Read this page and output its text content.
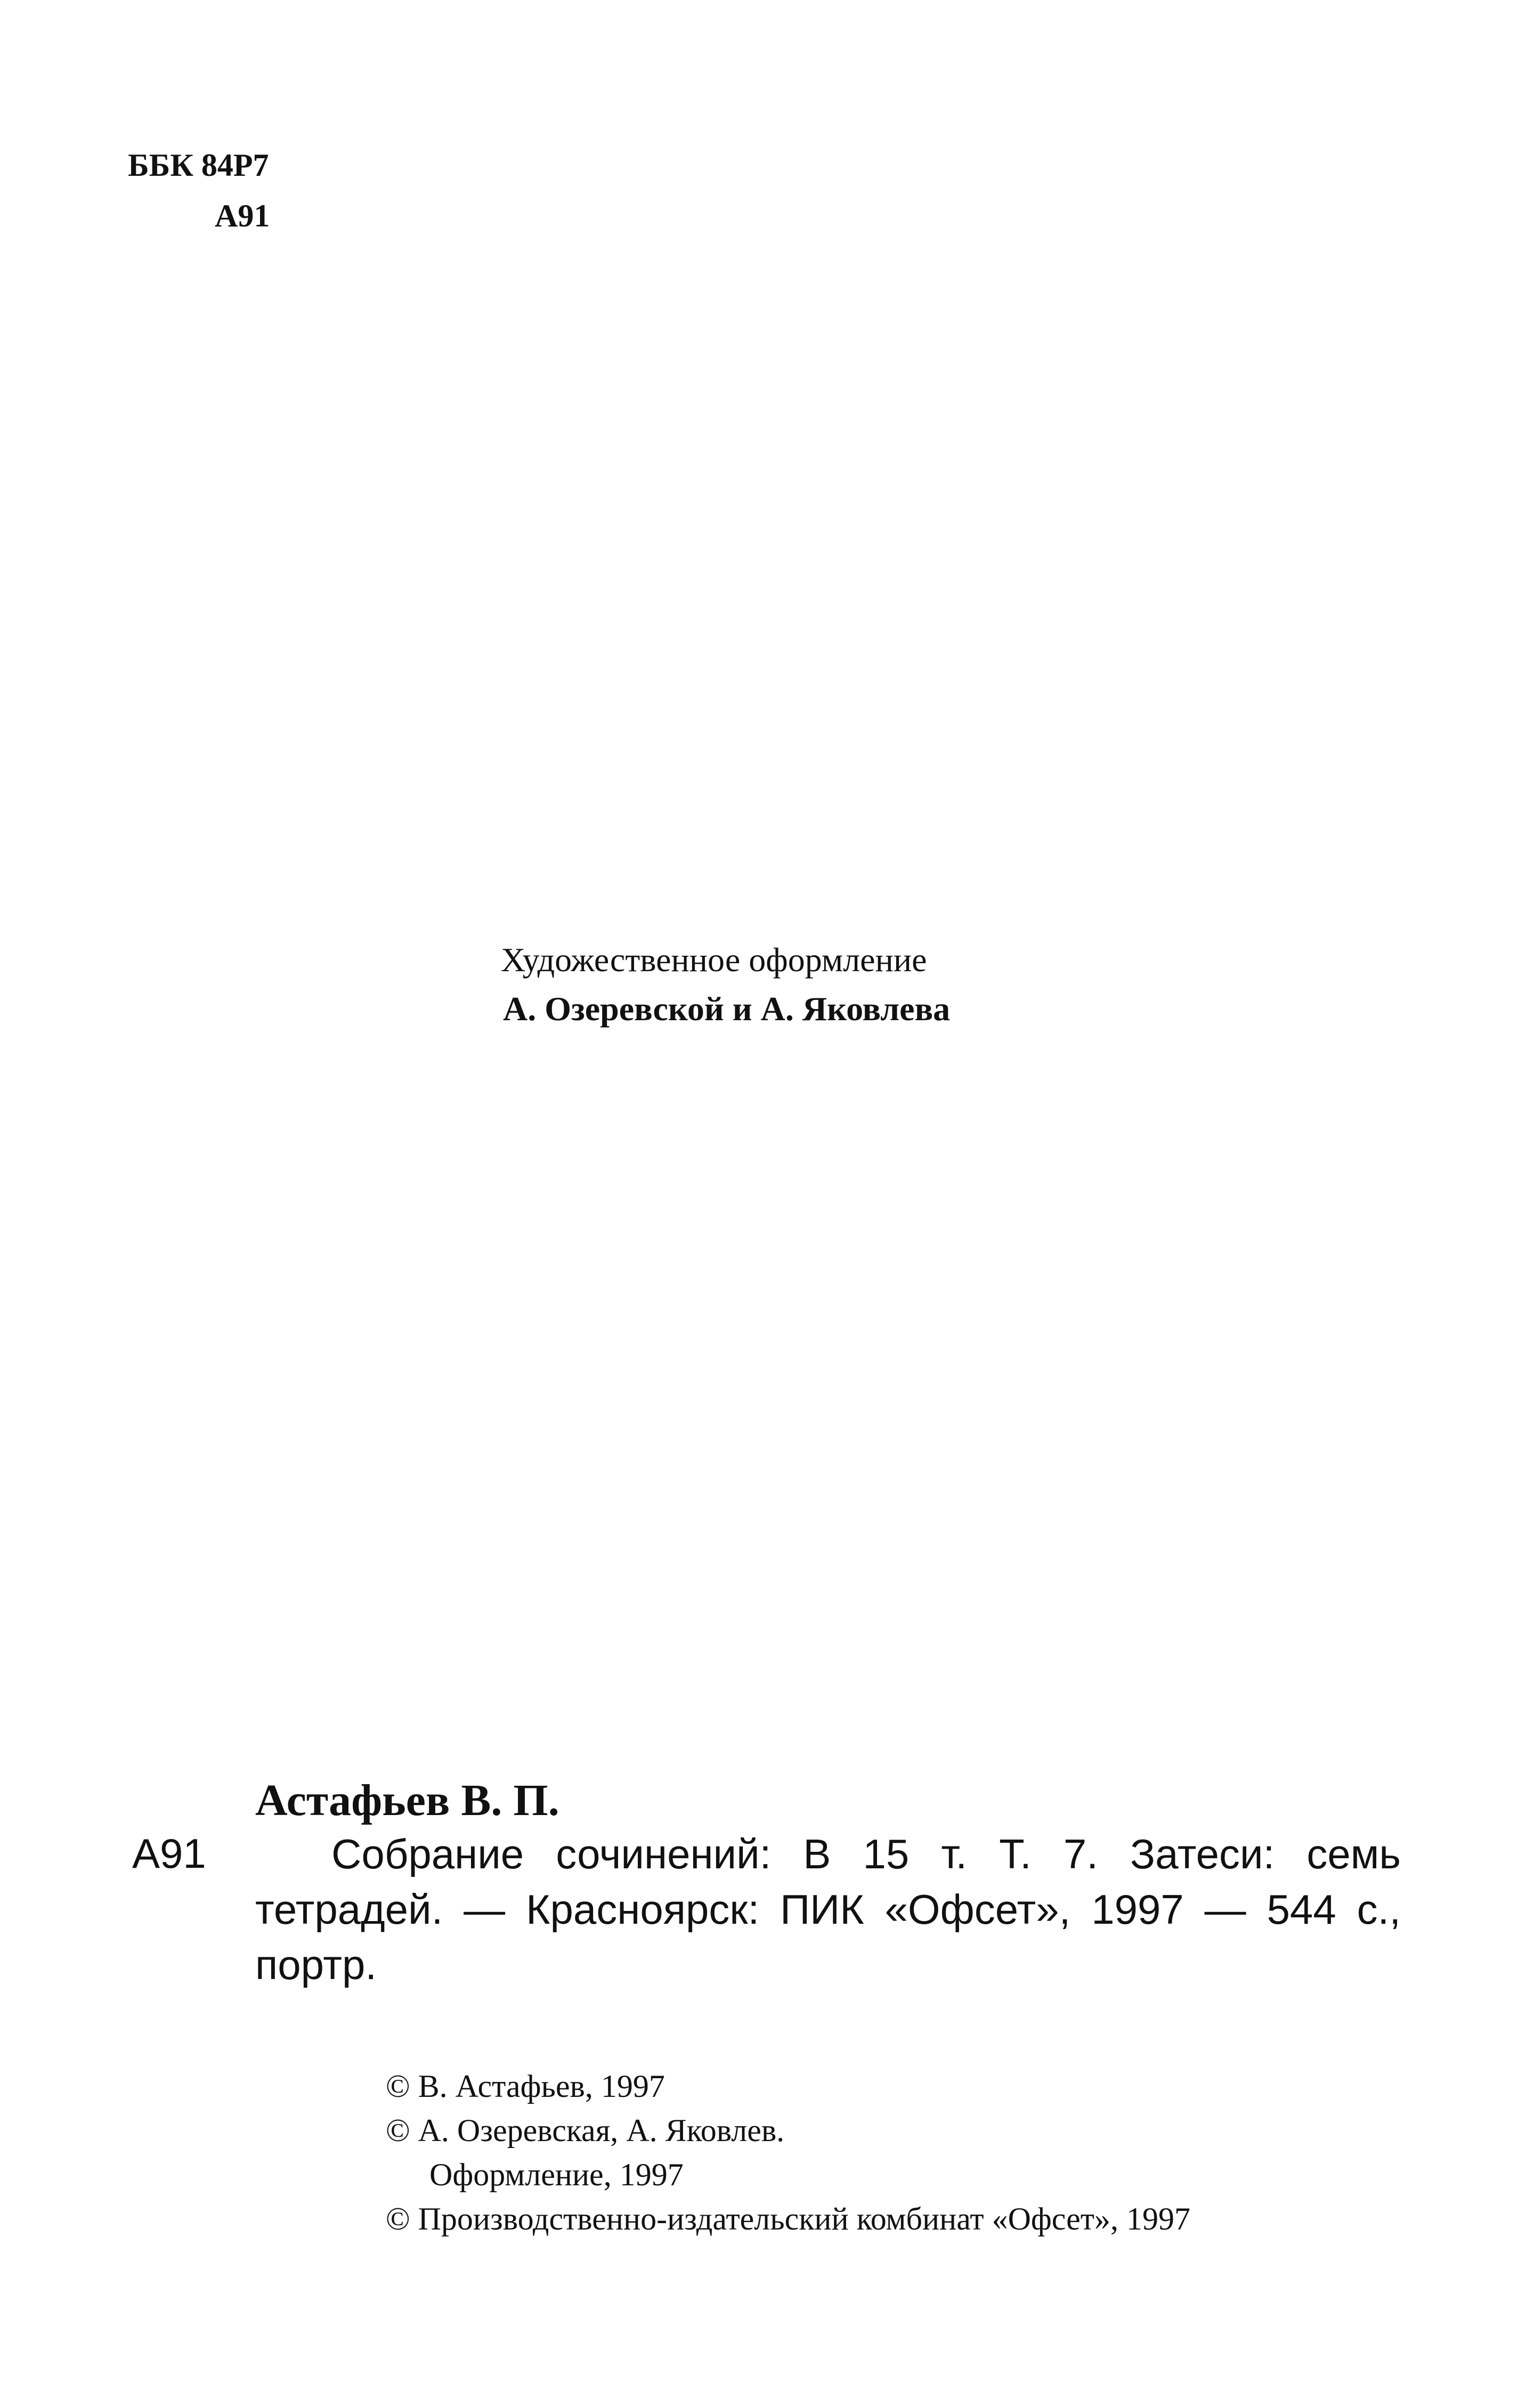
ББК 84Р7
А91
Художественное оформление
А. Озеревской и А. Яковлева
Астафьев В. П.
А91	Собрание сочинений: В 15 т. Т. 7. Затеси: семь тетрадей. — Красноярск: ПИК «Офсет», 1997 — 544 с., портр.
© В. Астафьев, 1997
© А. Озеревская, А. Яковлев.
Оформление, 1997
© Производственно-издательский комбинат «Офсет», 1997
